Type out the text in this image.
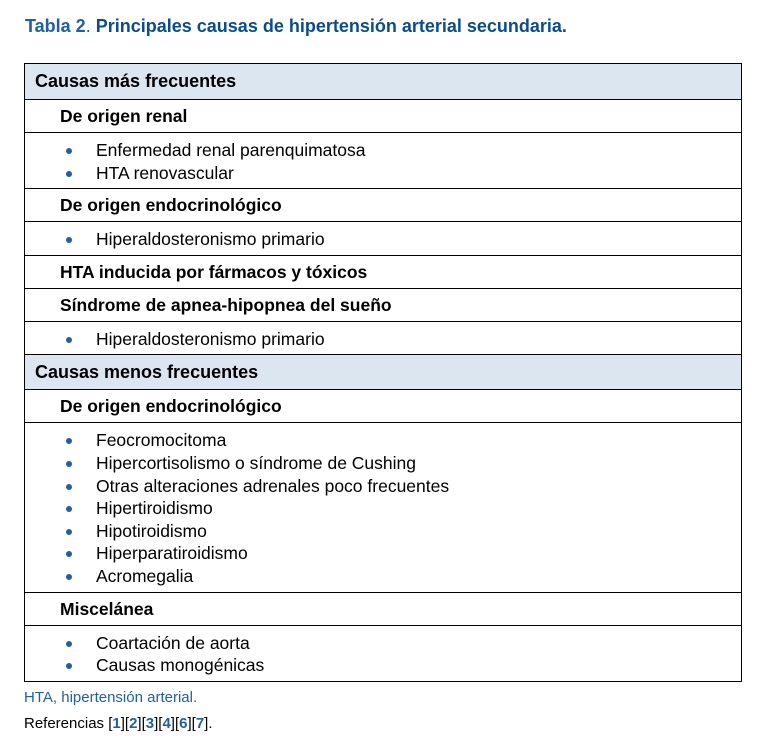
Tabla 2. Principales causas de hipertensión arterial secundaria.
Causas más frecuentes
De origen renal
Enfermedad renal parenquimatosa
HTA renovascular
De origen endocrinológico
Hiperaldosteronismo primario
HTA inducida por fármacos y tóxicos
Síndrome de apnea-hipopnea del sueño
Hiperaldosteronismo primario
Causas menos frecuentes
De origen endocrinológico
Feocromocitoma
Hipercortisolismo o síndrome de Cushing
Otras alteraciones adrenales poco frecuentes
Hipertiroidismo
Hipotiroidismo
Hiperparatiroidismo
Acromegalia
Miscelánea
Coartación de aorta
Causas monogénicas
HTA, hipertensión arterial.
Referencias [1][2][3][4][6][7].
